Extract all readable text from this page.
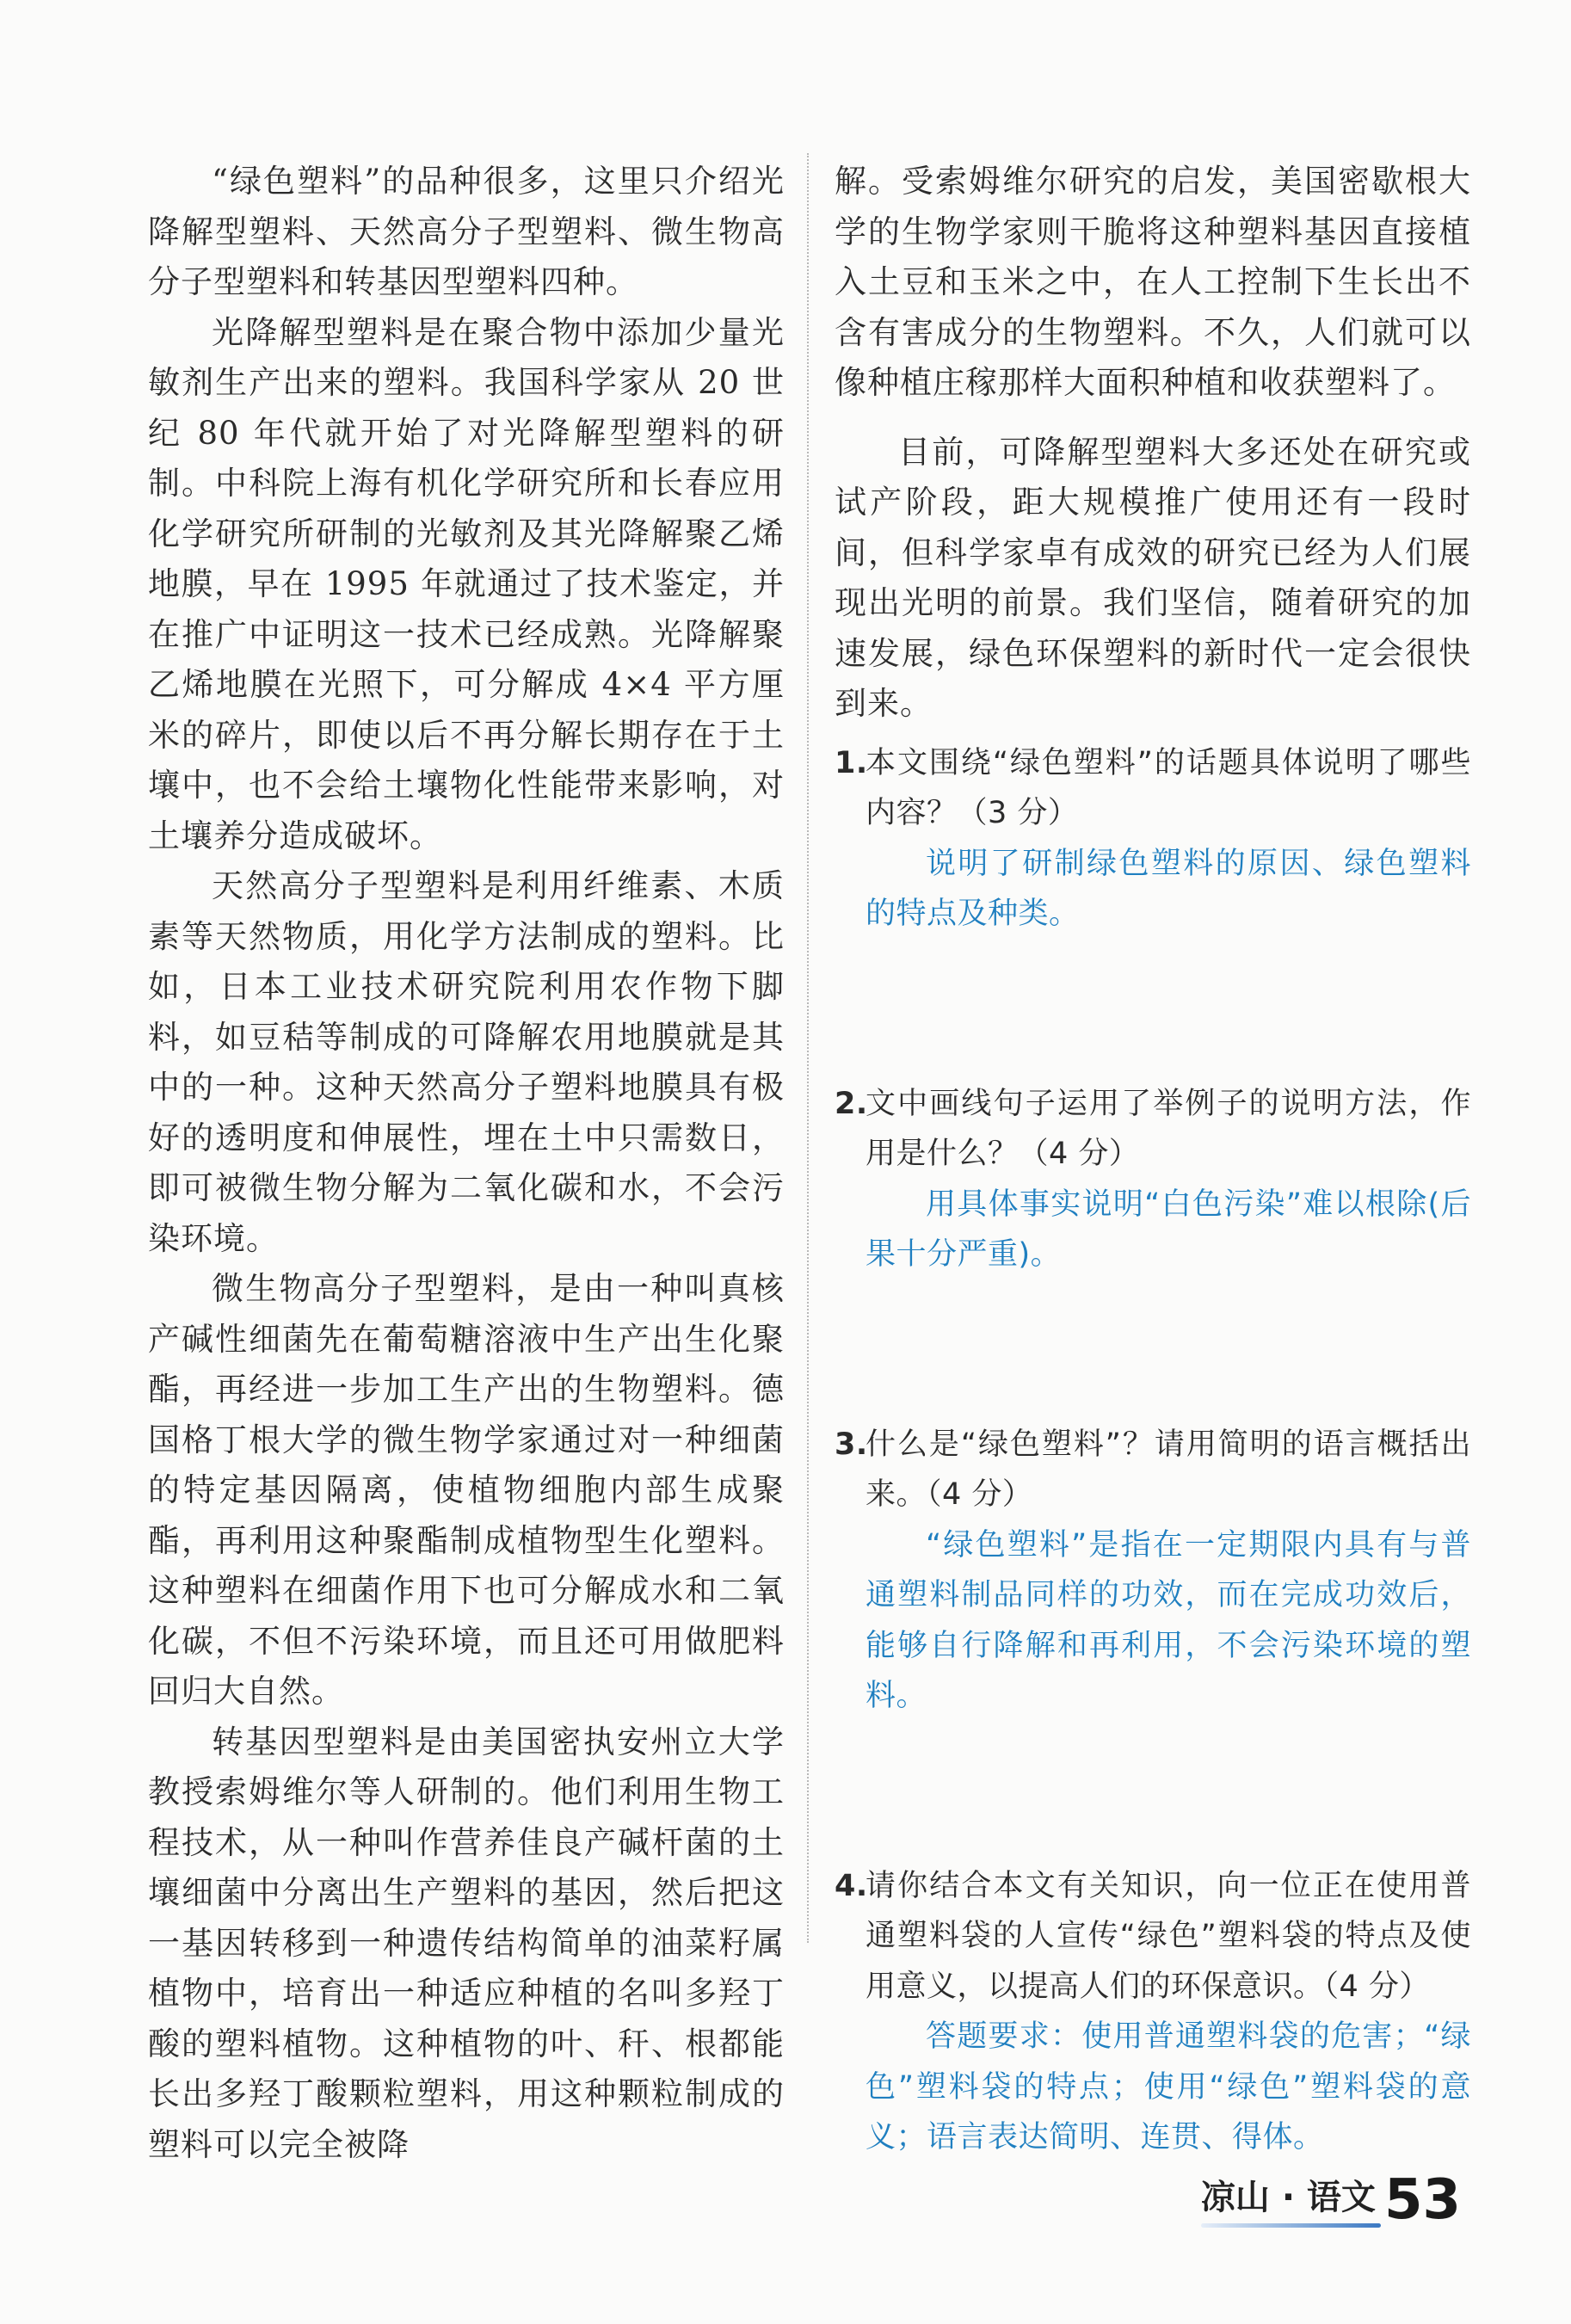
“绿色塑料”的品种很多，这里只介绍光降解型塑料、天然高分子型塑料、微生物高分子型塑料和转基因型塑料四种。

光降解型塑料是在聚合物中添加少量光敏剂生产出来的塑料。我国科学家从 20 世纪 80 年代就开始了对光降解型塑料的研制。中科院上海有机化学研究所和长春应用化学研究所研制的光敏剂及其光降解聚乙烯地膜，早在 1995 年就通过了技术鉴定，并在推广中证明这一技术已经成熟。光降解聚乙烯地膜在光照下，可分解成 4×4 平方厘米的碎片，即使以后不再分解长期存在于土壤中，也不会给土壤物化性能带来影响，对土壤养分造成破坏。

天然高分子型塑料是利用纤维素、木质素等天然物质，用化学方法制成的塑料。比如，日本工业技术研究院利用农作物下脚料，如豆秸等制成的可降解农用地膜就是其中的一种。这种天然高分子塑料地膜具有极好的透明度和伸展性，埋在土中只需数日，即可被微生物分解为二氧化碳和水，不会污染环境。

微生物高分子型塑料，是由一种叫真核产碱性细菌先在葡萄糖溶液中生产出生化聚酯，再经进一步加工生产出的生物塑料。德国格丁根大学的微生物学家通过对一种细菌的特定基因隔离，使植物细胞内部生成聚酯，再利用这种聚酯制成植物型生化塑料。这种塑料在细菌作用下也可分解成水和二氧化碳，不但不污染环境，而且还可用做肥料回归大自然。

转基因型塑料是由美国密执安州立大学教授索姆维尔等人研制的。他们利用生物工程技术，从一种叫作营养佳良产碱杆菌的土壤细菌中分离出生产塑料的基因，然后把这一基因转移到一种遗传结构简单的油菜籽属植物中，培育出一种适应种植的名叫多羟丁酸的塑料植物。这种植物的叶、秆、根都能长出多羟丁酸颗粒塑料，用这种颗粒制成的塑料可以完全被降

解。受索姆维尔研究的启发，美国密歇根大学的生物学家则干脆将这种塑料基因直接植入土豆和玉米之中，在人工控制下生长出不含有害成分的生物塑料。不久，人们就可以像种植庄稼那样大面积种植和收获塑料了。

目前，可降解型塑料大多还处在研究或试产阶段，距大规模推广使用还有一段时间，但科学家卓有成效的研究已经为人们展现出光明的前景。我们坚信，随着研究的加速发展，绿色环保塑料的新时代一定会很快到来。

1.
本文围绕“绿色塑料”的话题具体说明了哪些内容？（3 分）

说明了研制绿色塑料的原因、绿色塑料的特点及种类。

2.
文中画线句子运用了举例子的说明方法，作用是什么？（4 分）

用具体事实说明“白色污染”难以根除(后果十分严重)。

3.
什么是“绿色塑料”？请用简明的语言概括出来。（4 分）

“绿色塑料”是指在一定期限内具有与普通塑料制品同样的功效，而在完成功效后，能够自行降解和再利用，不会污染环境的塑料。

4.
请你结合本文有关知识，向一位正在使用普通塑料袋的人宣传“绿色”塑料袋的特点及使用意义，以提高人们的环保意识。（4 分）

答题要求：使用普通塑料袋的危害；“绿色”塑料袋的特点；使用“绿色”塑料袋的意义；语言表达简明、连贯、得体。

凉山 · 语文 53
